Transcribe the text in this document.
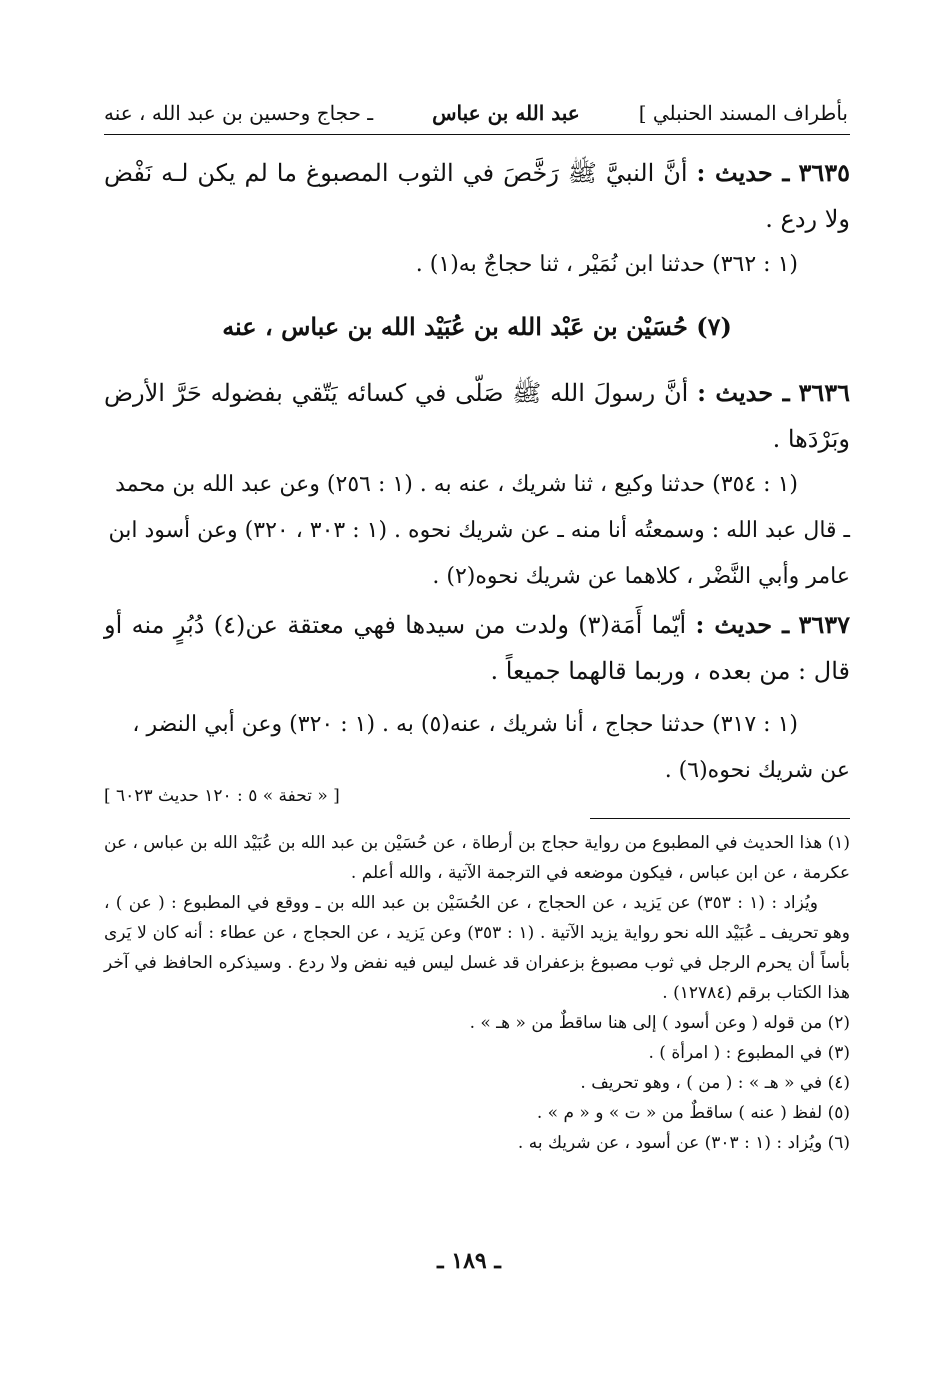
بأطراف المسند الحنبلي ]
عبد الله بن عباس
ـ حجاج وحسين بن عبد الله ، عنه

٣٦٣٥ ـ حديث : أنَّ النبيَّ ﷺ رَخَّصَ في الثوب المصبوغ ما لم يكن لـه نَفْض ولا ردع .

(١ : ٣٦٢) حدثنا ابن نُمَيْر ، ثنا حجاجٌ به(١) .

(٧) حُسَيْن بن عَبْد الله بن عُبَيْد الله بن عباس ، عنه

٣٦٣٦ ـ حديث : أنَّ رسولَ الله ﷺ صَلّى في كسائه يَتّقي بفضوله حَرَّ الأرض وبَرْدَها .

(١ : ٣٥٤) حدثنا وكيع ، ثنا شريك ، عنه به . (١ : ٢٥٦) وعن عبد الله بن محمد ـ قال عبد الله : وسمعتُه أنا منه ـ عن شريك نحوه . (١ : ٣٠٣ ، ٣٢٠) وعن أسود ابن عامر وأبي النَّضْر ، كلاهما عن شريك نحوه(٢) .

٣٦٣٧ ـ حديث : أيّما أَمَة(٣) ولدت من سيدها فهي معتقة عن(٤) دُبُرٍ منه أو قال : من بعده ، وربما قالهما جميعاً .

(١ : ٣١٧) حدثنا حجاج ، أنا شريك ، عنه(٥) به . (١ : ٣٢٠) وعن أبي النضر ، عن شريك نحوه(٦) .

[ « تحفة » ٥ : ١٢٠ حديث ٦٠٢٣ ]

(١) هذا الحديث في المطبوع من رواية حجاج بن أرطاة ، عن حُسَيْن بن عبد الله بن عُبَيْد الله بن عباس ، عن عكرمة ، عن ابن عباس ، فيكون موضعه في الترجمة الآتية ، والله أعلم .

ويُزاد : (١ : ٣٥٣) عن يَزيد ، عن الحجاج ، عن الحُسَيْن بن عبد الله بن ـ ووقع في المطبوع : ( عن ) ، وهو تحريف ـ عُبَيْد الله نحو رواية يزيد الآتية . (١ : ٣٥٣) وعن يَزيد ، عن الحجاج ، عن عطاء : أنه كان لا يَرى بأساً أن يحرم الرجل في ثوب مصبوغ بزعفران قد غسل ليس فيه نفض ولا ردع . وسيذكره الحافظ في آخر هذا الكتاب برقم (١٢٧٨٤) .

(٢) من قوله ( وعن أسود ) إلى هنا ساقطٌ من « هـ » .

(٣) في المطبوع : ( امرأة ) .

(٤) في « هـ » : ( من ) ، وهو تحريف .

(٥) لفظ ( عنه ) ساقطٌ من « ت » و « م » .

(٦) ويُزاد : (١ : ٣٠٣) عن أسود ، عن شريك به .

ـ ١٨٩ ـ
